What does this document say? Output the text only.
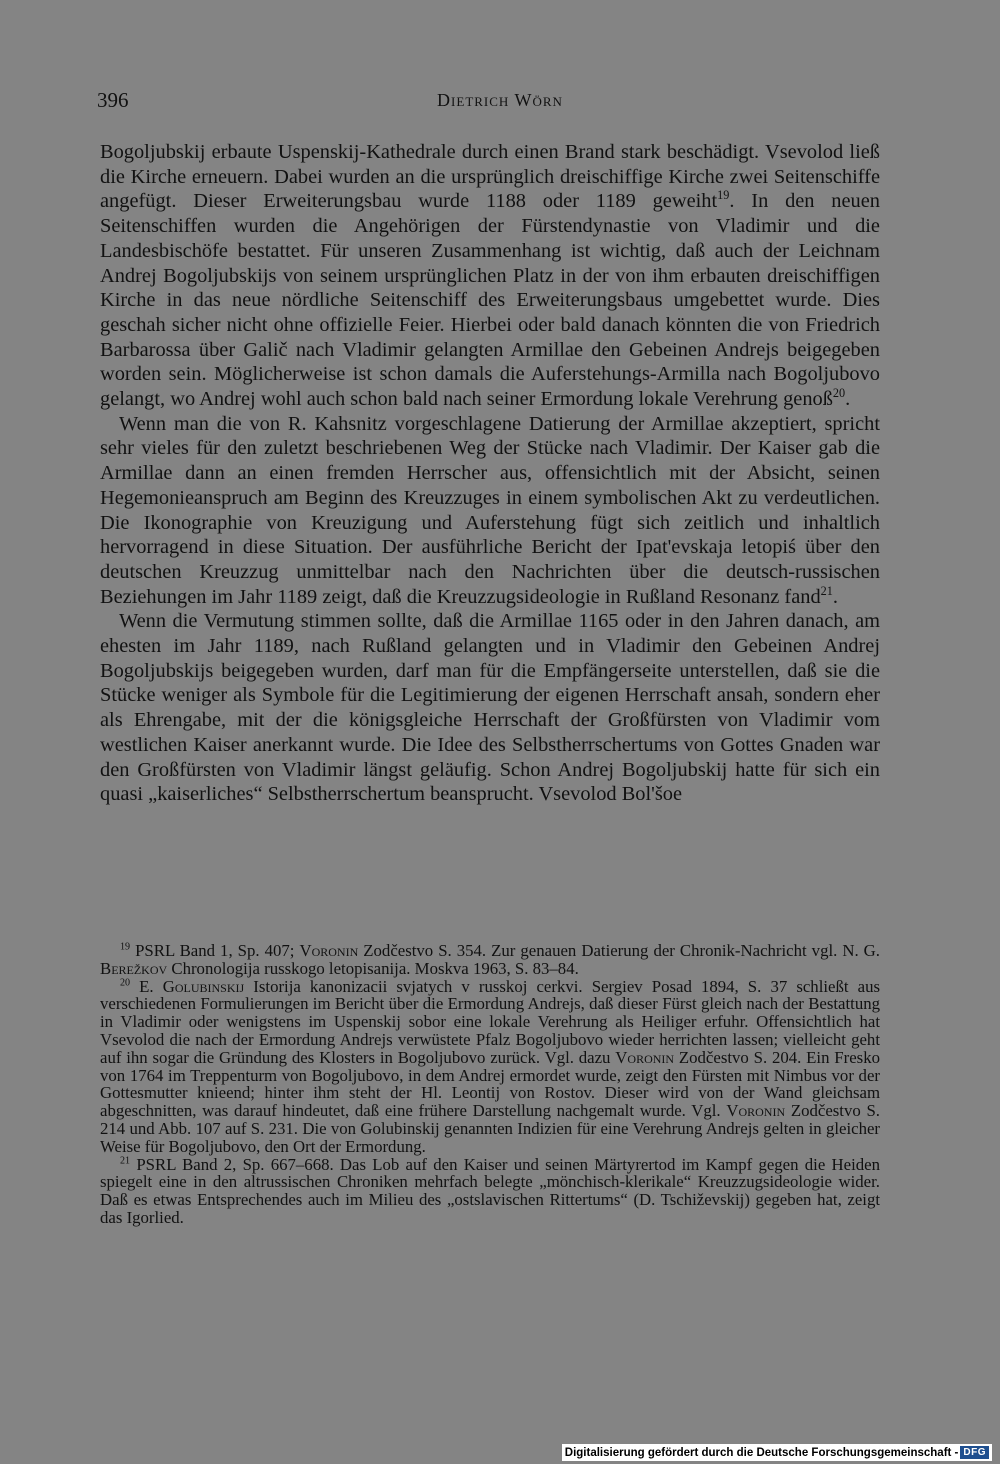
396	Dietrich Wörn

Bogoljubskij erbaute Uspenskij-Kathedrale durch einen Brand stark beschädigt. Vsevolod ließ die Kirche erneuern. Dabei wurden an die ursprünglich dreischiffige Kirche zwei Seitenschiffe angefügt. Dieser Erweiterungsbau wurde 1188 oder 1189 geweiht$^{19}$. In den neuen Seitenschiffen wurden die Angehörigen der Fürstendynastie von Vladimir und die Landesbischöfe bestattet. Für unseren Zusammenhang ist wichtig, daß auch der Leichnam Andrej Bogoljubskijs von seinem ursprünglichen Platz in der von ihm erbauten dreischiffigen Kirche in das neue nördliche Seitenschiff des Erweiterungsbaus umgebettet wurde. Dies geschah sicher nicht ohne offizielle Feier. Hierbei oder bald danach könnten die von Friedrich Barbarossa über Galič nach Vladimir gelangten Armillae den Gebeinen Andrejs beigegeben worden sein. Möglicherweise ist schon damals die Auferstehungs-Armilla nach Bogoljubovo gelangt, wo Andrej wohl auch schon bald nach seiner Ermordung lokale Verehrung genoß$^{20}$.

Wenn man die von R. Kahsnitz vorgeschlagene Datierung der Armillae akzeptiert, spricht sehr vieles für den zuletzt beschriebenen Weg der Stücke nach Vladimir. Der Kaiser gab die Armillae dann an einen fremden Herrscher aus, offensichtlich mit der Absicht, seinen Hegemonieanspruch am Beginn des Kreuzzuges in einem symbolischen Akt zu verdeutlichen. Die Ikonographie von Kreuzigung und Auferstehung fügt sich zeitlich und inhaltlich hervorragend in diese Situation. Der ausführliche Bericht der Ipat'evskaja letopiś über den deutschen Kreuzzug unmittelbar nach den Nachrichten über die deutsch-russischen Beziehungen im Jahr 1189 zeigt, daß die Kreuzzugsideologie in Rußland Resonanz fand$^{21}$.

Wenn die Vermutung stimmen sollte, daß die Armillae 1165 oder in den Jahren danach, am ehesten im Jahr 1189, nach Rußland gelangten und in Vladimir den Gebeinen Andrej Bogoljubskijs beigegeben wurden, darf man für die Empfängerseite unterstellen, daß sie die Stücke weniger als Symbole für die Legitimierung der eigenen Herrschaft ansah, sondern eher als Ehrengabe, mit der die königsgleiche Herrschaft der Großfürsten von Vladimir vom westlichen Kaiser anerkannt wurde. Die Idee des Selbstherrschertums von Gottes Gnaden war den Großfürsten von Vladimir längst geläufig. Schon Andrej Bogoljubskij hatte für sich ein quasi „kaiserliches“ Selbstherrschertum beansprucht. Vsevolod Bol'šoe

$^{19}$ PSRL Band 1, Sp. 407; Voronin Zodčestvo S. 354. Zur genauen Datierung der Chronik-Nachricht vgl. N. G. Berežkov Chronologija russkogo letopisanija. Moskva 1963, S. 83–84.

$^{20}$ E. Golubinskij Istorija kanonizacii svjatych v russkoj cerkvi. Sergiev Posad 1894, S. 37 schließt aus verschiedenen Formulierungen im Bericht über die Ermordung Andrejs, daß dieser Fürst gleich nach der Bestattung in Vladimir oder wenigstens im Uspenskij sobor eine lokale Verehrung als Heiliger erfuhr. Offensichtlich hat Vsevolod die nach der Ermordung Andrejs verwüstete Pfalz Bogoljubovo wieder herrichten lassen; vielleicht geht auf ihn sogar die Gründung des Klosters in Bogoljubovo zurück. Vgl. dazu Voronin Zodčestvo S. 204. Ein Fresko von 1764 im Treppenturm von Bogoljubovo, in dem Andrej ermordet wurde, zeigt den Fürsten mit Nimbus vor der Gottesmutter knieend; hinter ihm steht der Hl. Leontij von Rostov. Dieser wird von der Wand gleichsam abgeschnitten, was darauf hindeutet, daß eine frühere Darstellung nachgemalt wurde. Vgl. Voronin Zodčestvo S. 214 und Abb. 107 auf S. 231. Die von Golubinskij genannten Indizien für eine Verehrung Andrejs gelten in gleicher Weise für Bogoljubovo, den Ort der Ermordung.

$^{21}$ PSRL Band 2, Sp. 667–668. Das Lob auf den Kaiser und seinen Märtyrertod im Kampf gegen die Heiden spiegelt eine in den altrussischen Chroniken mehrfach belegte „mönchisch-klerikale“ Kreuzzugsideologie wider. Daß es etwas Entsprechendes auch im Milieu des „ostslavischen Rittertums“ (D. Tschiževskij) gegeben hat, zeigt das Igorlied.

Digitalisierung gefördert durch die Deutsche Forschungsgemeinschaft - DFG
